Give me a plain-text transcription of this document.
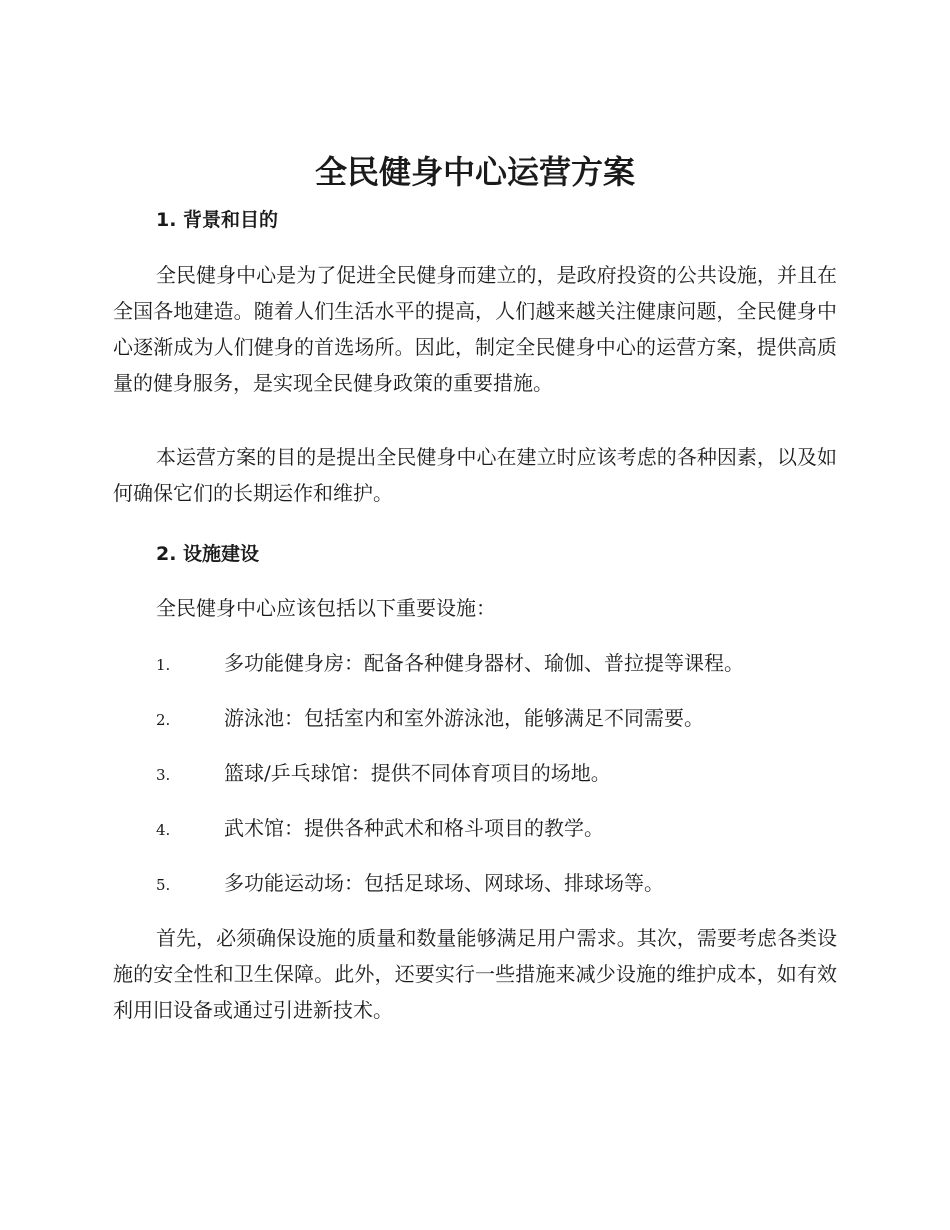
全民健身中心运营方案
1. 背景和目的

全民健身中心是为了促进全民健身而建立的，是政府投资的公共设施，并且在全国各地建造。随着人们生活水平的提高，人们越来越关注健康问题，全民健身中心逐渐成为人们健身的首选场所。因此，制定全民健身中心的运营方案，提供高质量的健身服务，是实现全民健身政策的重要措施。

本运营方案的目的是提出全民健身中心在建立时应该考虑的各种因素，以及如何确保它们的长期运作和维护。

2. 设施建设

全民健身中心应该包括以下重要设施：

1.	多功能健身房：配备各种健身器材、瑜伽、普拉提等课程。
2.	游泳池：包括室内和室外游泳池，能够满足不同需要。
3.	篮球/乒乓球馆：提供不同体育项目的场地。
4.	武术馆：提供各种武术和格斗项目的教学。
5.	多功能运动场：包括足球场、网球场、排球场等。

首先，必须确保设施的质量和数量能够满足用户需求。其次，需要考虑各类设施的安全性和卫生保障。此外，还要实行一些措施来减少设施的维护成本，如有效利用旧设备或通过引进新技术。
